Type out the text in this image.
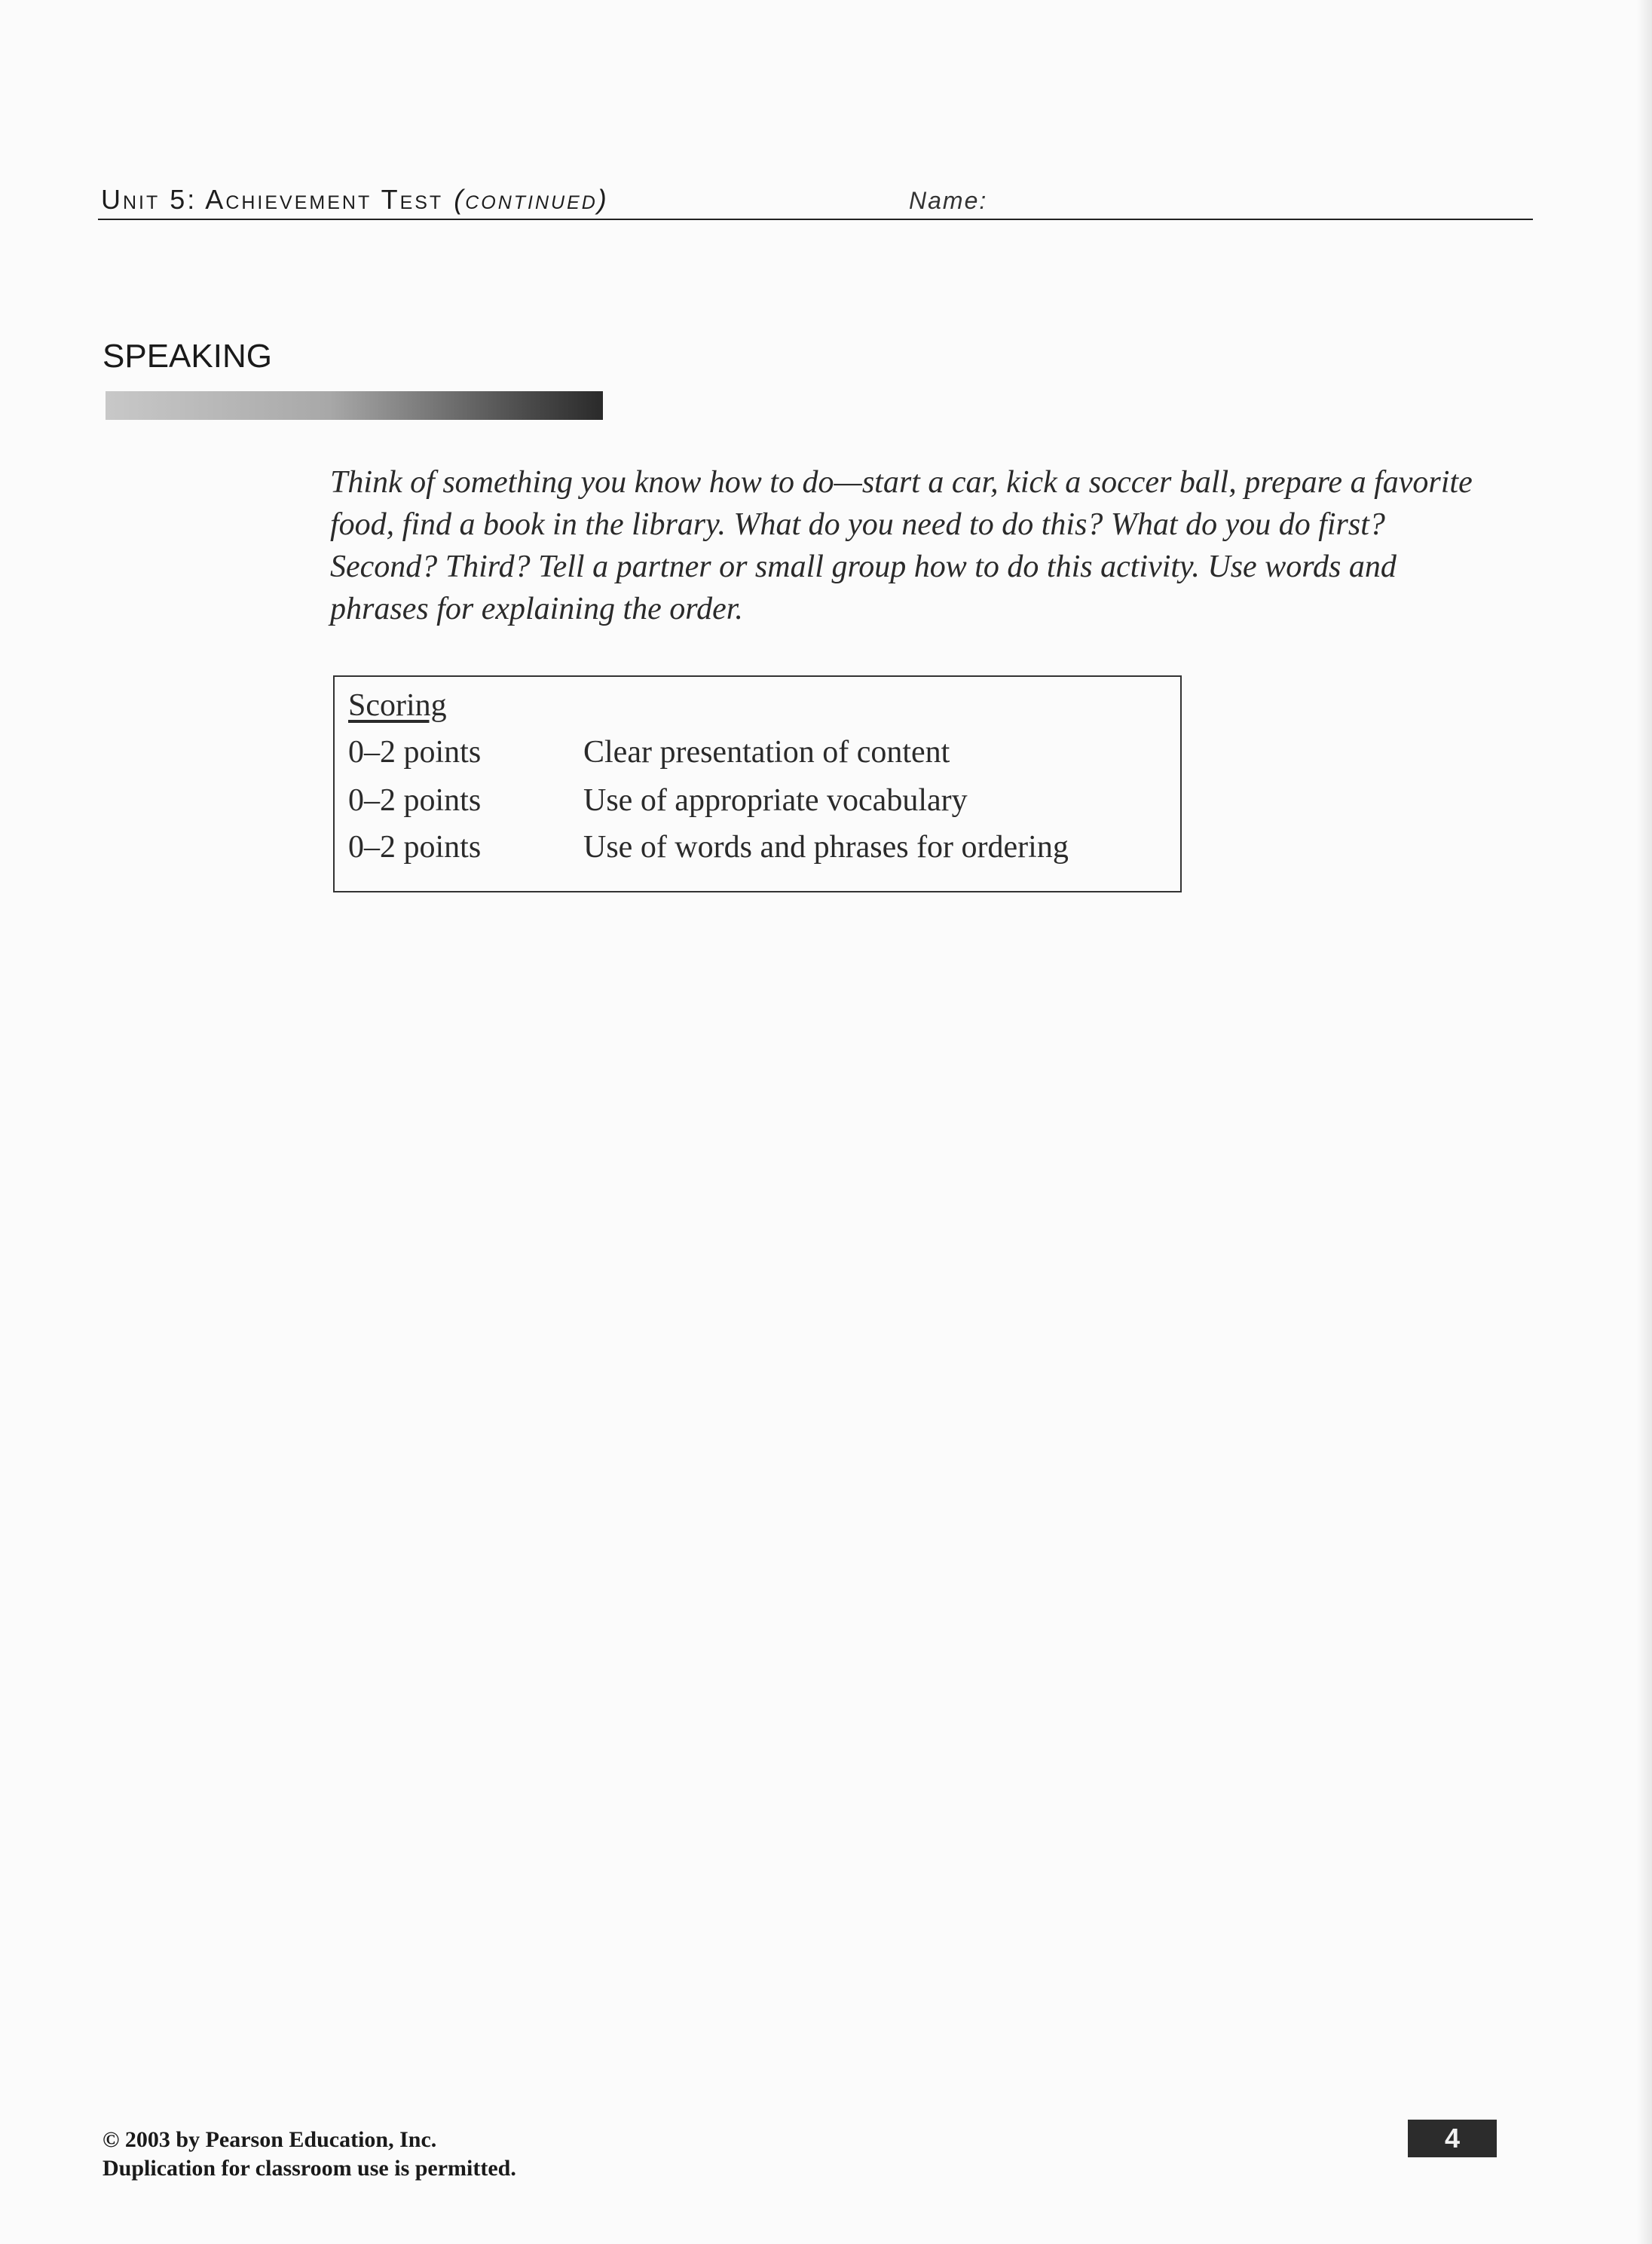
Unit 5: Achievement Test (continued)	Name:
SPEAKING
Think of something you know how to do—start a car, kick a soccer ball, prepare a favorite food, find a book in the library. What do you need to do this? What do you do first? Second? Third? Tell a partner or small group how to do this activity. Use words and phrases for explaining the order.
Scoring
0–2 points	Clear presentation of content
0–2 points	Use of appropriate vocabulary
0–2 points	Use of words and phrases for ordering
© 2003 by Pearson Education, Inc.
Duplication for classroom use is permitted.
4
